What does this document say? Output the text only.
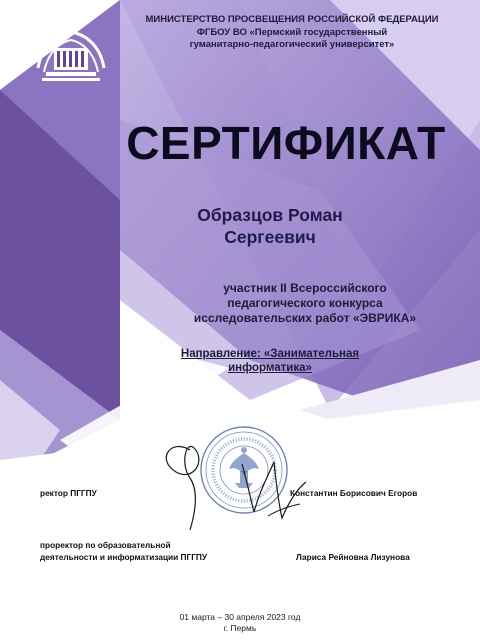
МИНИСТЕРСТВО ПРОСВЕЩЕНИЯ РОССИЙСКОЙ ФЕДЕРАЦИИ
ФГБОУ ВО «Пермский государственный
гуманитарно-педагогический университет»
СЕРТИФИКАТ
Образцов Роман
Сергеевич
участник II Всероссийского
педагогического конкурса
исследовательских работ «ЭВРИКА»
Направление: «Занимательная
информатика»
ректор ПГГПУ	Константин Борисович Егоров
проректор по образовательной
деятельности и информатизации ПГГПУ	Лариса Рейновна Лизунова
01 марта – 30 апреля 2023 год
г. Пермь
